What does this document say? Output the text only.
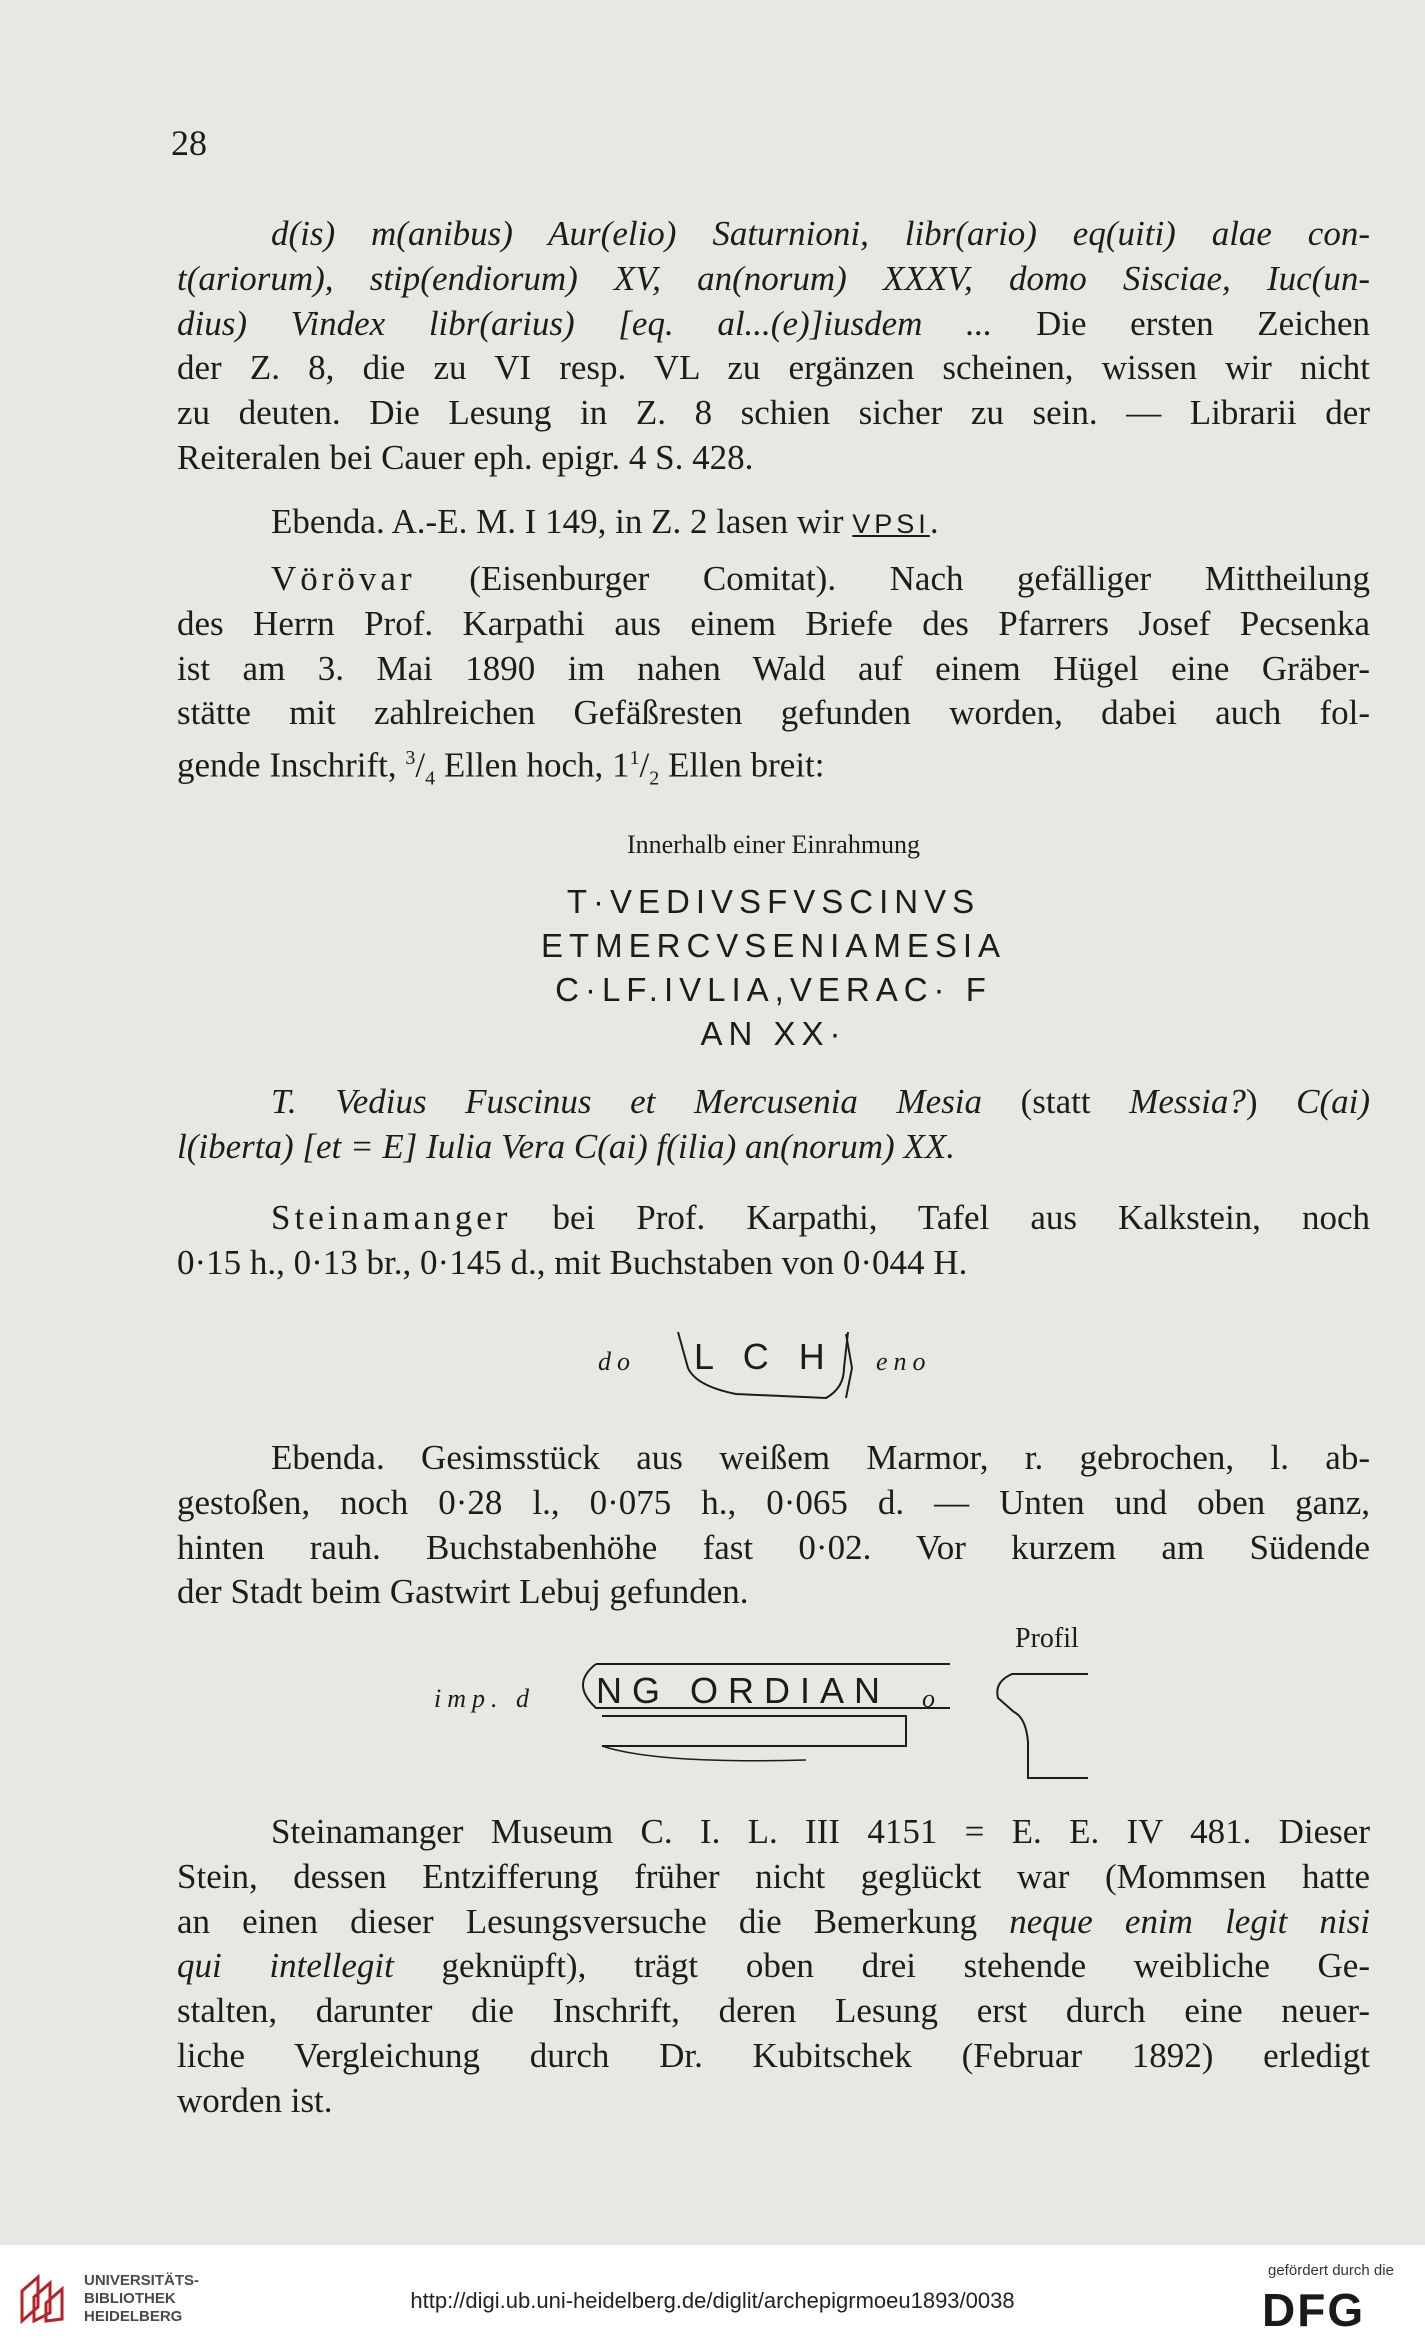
28
d(is) m(anibus) Aur(elio) Saturnioni, libr(ario) eq(uiti) alae con-
t(ariorum), stip(endiorum) XV, an(norum) XXXV, domo Sisciae, Iuc(un-
dius) Vindex libr(arius) [eq. al...(e)]iusdem ... Die ersten Zeichen
der Z. 8, die zu VI resp. VL zu ergänzen scheinen, wissen wir nicht
zu deuten. Die Lesung in Z. 8 schien sicher zu sein. — Librarii der
Reiteralen bei Cauer eph. epigr. 4 S. 428.
Ebenda. A.-E. M. I 149, in Z. 2 lasen wir VPSI.
Vörövar (Eisenburger Comitat). Nach gefälliger Mittheilung
des Herrn Prof. Karpathi aus einem Briefe des Pfarrers Josef Pecsenka
ist am 3. Mai 1890 im nahen Wald auf einem Hügel eine Gräber-
stätte mit zahlreichen Gefäßresten gefunden worden, dabei auch fol-
gende Inschrift, $^3/_4$ Ellen hoch, $1^1/_2$ Ellen breit:
Innerhalb einer Einrahmung
T·VEDIVSFVSCINVS
ETMERCVSENIAMESIA
C·LF.IVLIA,VERAC· F
AN XX·
T. Vedius Fuscinus et Mercusenia Mesia (statt Messia?) C(ai)
l(iberta) [et = E] Iulia Vera C(ai) f(ilia) an(norum) XX.
Steinamanger bei Prof. Karpathi, Tafel aus Kalkstein, noch
0·15 h., 0·13 br., 0·145 d., mit Buchstaben von 0·044 H.
do L C H eno
Ebenda. Gesimsstück aus weißem Marmor, r. gebrochen, l. ab-
gestoßen, noch 0·28 l., 0·075 h., 0·065 d. — Unten und oben ganz,
hinten rauh. Buchstabenhöhe fast 0·02. Vor kurzem am Südende
der Stadt beim Gastwirt Lebuj gefunden.
Profil
imp. d NG ORDIAN o
Steinamanger Museum C. I. L. III 4151 = E. E. IV 481. Dieser
Stein, dessen Entzifferung früher nicht geglückt war (Mommsen hatte
an einen dieser Lesungsversuche die Bemerkung neque enim legit nisi
qui intellegit geknüpft), trägt oben drei stehende weibliche Ge-
stalten, darunter die Inschrift, deren Lesung erst durch eine neuer-
liche Vergleichung durch Dr. Kubitschek (Februar 1892) erledigt
worden ist.
UNIVERSITÄTS-
BIBLIOTHEK
HEIDELBERG
http://digi.ub.uni-heidelberg.de/diglit/archepigrmoeu1893/0038
gefördert durch die
DFG
